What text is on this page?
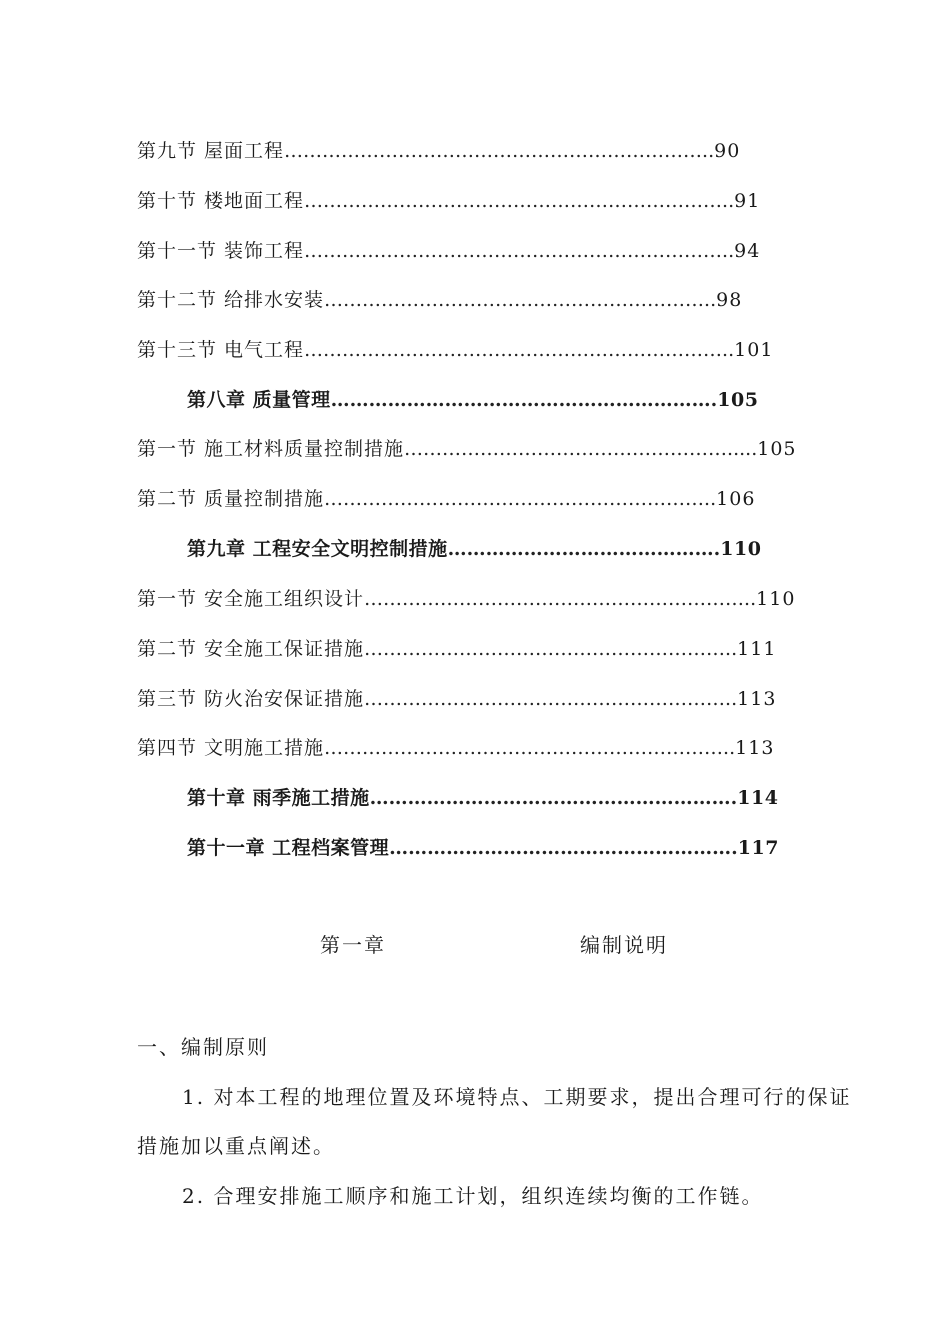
第九节 屋面工程…………………………………………………………..90
第十节 楼地面工程…………………………………………………………..91
第十一节 装饰工程…………………………………………………………..94
第十二节 给排水安装……………………………………………………..98
第十三节 电气工程…………………………………………………………..101
第八章 质量管理…………………………………………………….105
第一节 施工材料质量控制措施…………………………………………….....105
第二节 质量控制措施……………………………………………………..106
第九章 工程安全文明控制措施…………………………………….110
第一节 安全施工组织设计……………………………………………………..110
第二节 安全施工保证措施…………………………………………………..111
第三节 防火治安保证措施…………………………………………………..113
第四节 文明施工措施………………………………………………………..113
第十章 雨季施工措施………………………………………………….114
第十一章 工程档案管理……………………………………………….117
第一章	编制说明
一、编制原则
1. 对本工程的地理位置及环境特点、工期要求，提出合理可行的保证
措施加以重点阐述。
2. 合理安排施工顺序和施工计划，组织连续均衡的工作链。
